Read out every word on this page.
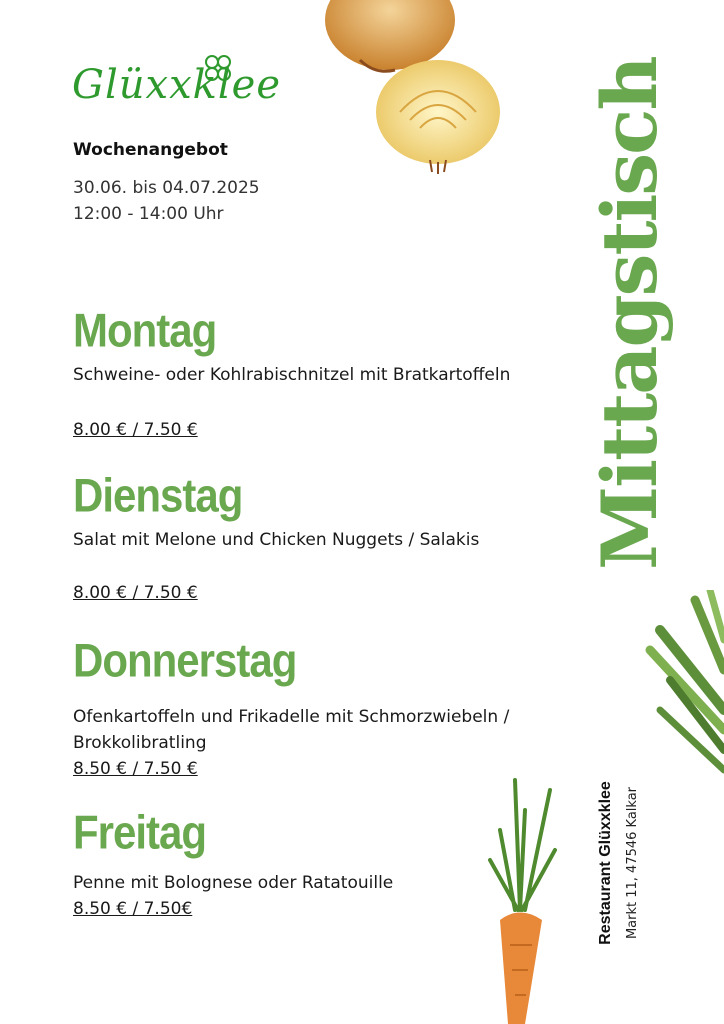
Glüxxklee
Wochenangebot
30.06. bis 04.07.2025
12:00 - 14:00 Uhr
Montag
Schweine- oder Kohlrabischnitzel mit Bratkartoffeln
8.00 € / 7.50 €
Dienstag
Salat mit Melone und Chicken Nuggets / Salakis
8.00 € / 7.50 €
Donnerstag
Ofenkartoffeln und Frikadelle mit Schmorzwiebeln / Brokkolibratling
8.50 € / 7.50 €
Freitag
Penne mit Bolognese oder Ratatouille
8.50 € / 7.50€
Mittagstisch
Restaurant Glüxxklee Markt 11, 47546 Kalkar
